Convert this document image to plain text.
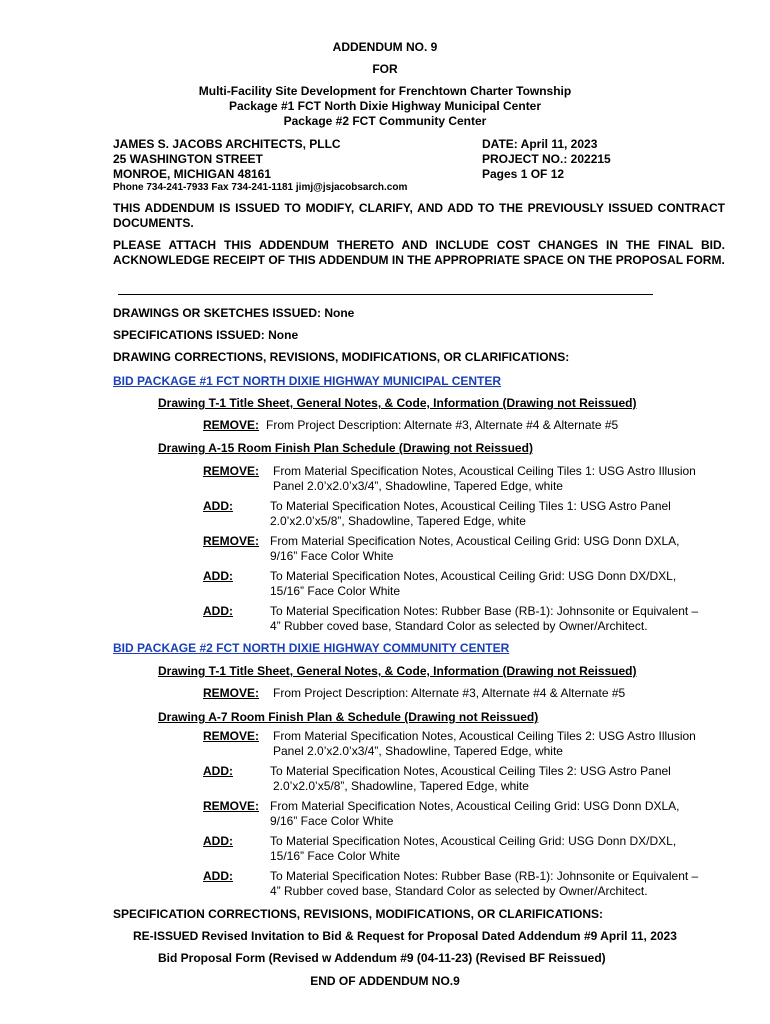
ADDENDUM NO. 9
FOR
Multi-Facility Site Development for Frenchtown Charter Township
Package #1 FCT North Dixie Highway Municipal Center
Package #2 FCT Community Center
JAMES S. JACOBS ARCHITECTS, PLLC
25 WASHINGTON STREET
MONROE, MICHIGAN 48161
Phone 734-241-7933 Fax 734-241-1181 jimj@jsjacobsarch.com
DATE: April 11, 2023
PROJECT NO.: 202215
Pages 1 OF 12
THIS ADDENDUM IS ISSUED TO MODIFY, CLARIFY, AND ADD TO THE PREVIOUSLY ISSUED CONTRACT DOCUMENTS.
PLEASE ATTACH THIS ADDENDUM THERETO AND INCLUDE COST CHANGES IN THE FINAL BID. ACKNOWLEDGE RECEIPT OF THIS ADDENDUM IN THE APPROPRIATE SPACE ON THE PROPOSAL FORM.
DRAWINGS OR SKETCHES ISSUED: None
SPECIFICATIONS ISSUED: None
DRAWING CORRECTIONS, REVISIONS, MODIFICATIONS, OR CLARIFICATIONS:
BID PACKAGE #1 FCT NORTH DIXIE HIGHWAY MUNICIPAL CENTER
Drawing T-1 Title Sheet, General Notes, & Code, Information (Drawing not Reissued)
REMOVE: From Project Description: Alternate #3, Alternate #4 & Alternate #5
Drawing A-15 Room Finish Plan Schedule (Drawing not Reissued)
REMOVE: From Material Specification Notes, Acoustical Ceiling Tiles 1: USG Astro Illusion
Panel 2.0’x2.0’x3/4”, Shadowline, Tapered Edge, white
ADD:	To Material Specification Notes, Acoustical Ceiling Tiles 1: USG Astro Panel
2.0’x2.0’x5/8”, Shadowline, Tapered Edge, white
REMOVE: From Material Specification Notes, Acoustical Ceiling Grid: USG Donn DXLA,
9/16” Face Color White
ADD:	To Material Specification Notes, Acoustical Ceiling Grid: USG Donn DX/DXL,
15/16” Face Color White
ADD:	To Material Specification Notes: Rubber Base (RB-1): Johnsonite or Equivalent –
4” Rubber coved base, Standard Color as selected by Owner/Architect.
BID PACKAGE #2 FCT NORTH DIXIE HIGHWAY COMMUNITY CENTER
Drawing T-1 Title Sheet, General Notes, & Code, Information (Drawing not Reissued)
REMOVE: From Project Description: Alternate #3, Alternate #4 & Alternate #5
Drawing A-7 Room Finish Plan & Schedule (Drawing not Reissued)
REMOVE: From Material Specification Notes, Acoustical Ceiling Tiles 2: USG Astro Illusion
Panel 2.0’x2.0’x3/4”, Shadowline, Tapered Edge, white
ADD:	To Material Specification Notes, Acoustical Ceiling Tiles 2: USG Astro Panel
2.0’x2.0’x5/8”, Shadowline, Tapered Edge, white
REMOVE: From Material Specification Notes, Acoustical Ceiling Grid: USG Donn DXLA,
9/16” Face Color White
ADD:	To Material Specification Notes, Acoustical Ceiling Grid: USG Donn DX/DXL,
15/16” Face Color White
ADD:	To Material Specification Notes: Rubber Base (RB-1): Johnsonite or Equivalent –
4” Rubber coved base, Standard Color as selected by Owner/Architect.
SPECIFICATION CORRECTIONS, REVISIONS, MODIFICATIONS, OR CLARIFICATIONS:
RE-ISSUED Revised Invitation to Bid & Request for Proposal Dated Addendum #9 April 11, 2023
Bid Proposal Form (Revised w Addendum #9 (04-11-23) (Revised BF Reissued)
END OF ADDENDUM NO.9
